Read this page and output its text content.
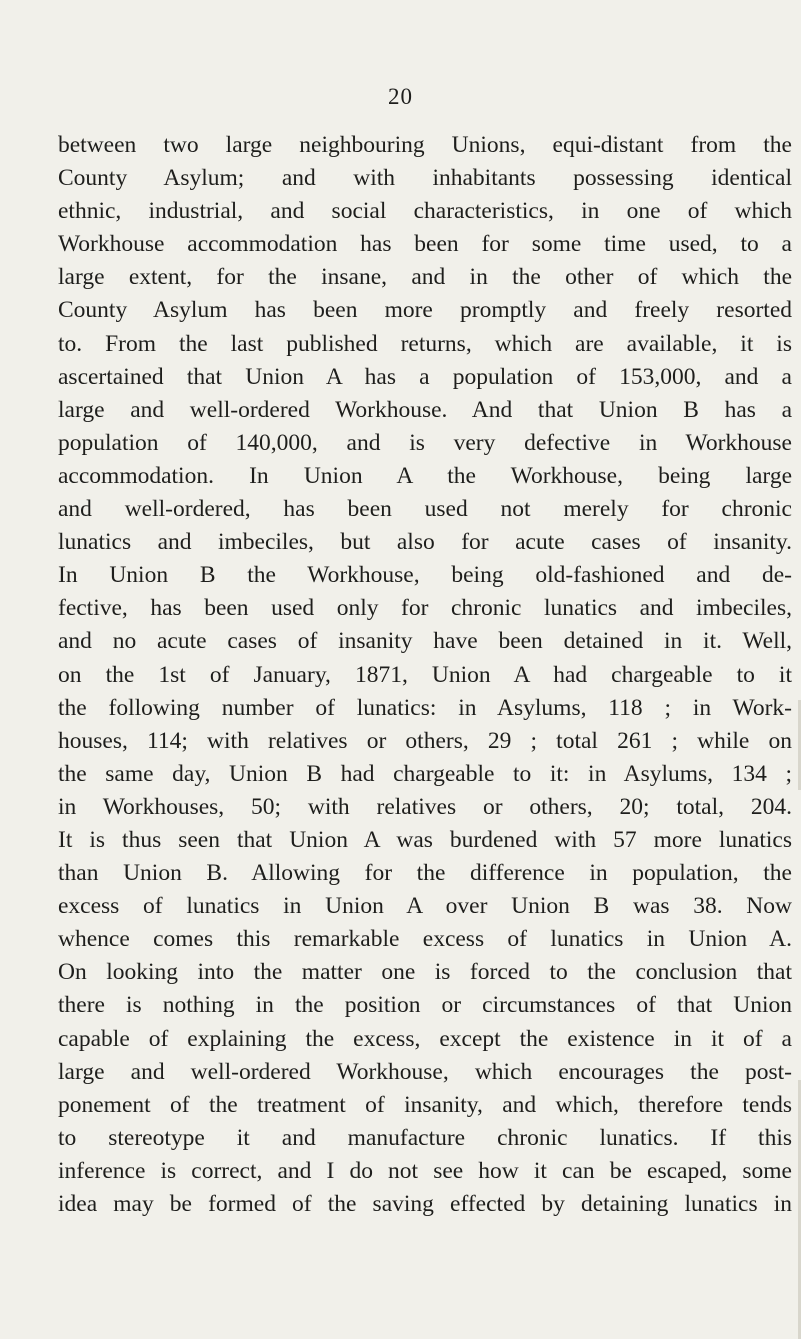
20
between two large neighbouring Unions, equi-distant from the
County Asylum; and with inhabitants possessing identical
ethnic, industrial, and social characteristics, in one of which
Workhouse accommodation has been for some time used, to a
large extent, for the insane, and in the other of which the
County Asylum has been more promptly and freely resorted
to. From the last published returns, which are available, it is
ascertained that Union A has a population of 153,000, and a
large and well-ordered Workhouse. And that Union B has a
population of 140,000, and is very defective in Workhouse
accommodation. In Union A the Workhouse, being large
and well-ordered, has been used not merely for chronic
lunatics and imbeciles, but also for acute cases of insanity.
In Union B the Workhouse, being old-fashioned and de-
fective, has been used only for chronic lunatics and imbeciles,
and no acute cases of insanity have been detained in it. Well,
on the 1st of January, 1871, Union A had chargeable to it
the following number of lunatics: in Asylums, 118 ; in Work-
houses, 114; with relatives or others, 29 ; total 261 ; while on
the same day, Union B had chargeable to it: in Asylums, 134 ;
in Workhouses, 50; with relatives or others, 20; total, 204.
It is thus seen that Union A was burdened with 57 more lunatics
than Union B. Allowing for the difference in population, the
excess of lunatics in Union A over Union B was 38. Now
whence comes this remarkable excess of lunatics in Union A.
On looking into the matter one is forced to the conclusion that
there is nothing in the position or circumstances of that Union
capable of explaining the excess, except the existence in it of a
large and well-ordered Workhouse, which encourages the post-
ponement of the treatment of insanity, and which, therefore tends
to stereotype it and manufacture chronic lunatics. If this
inference is correct, and I do not see how it can be escaped, some
idea may be formed of the saving effected by detaining lunatics in
